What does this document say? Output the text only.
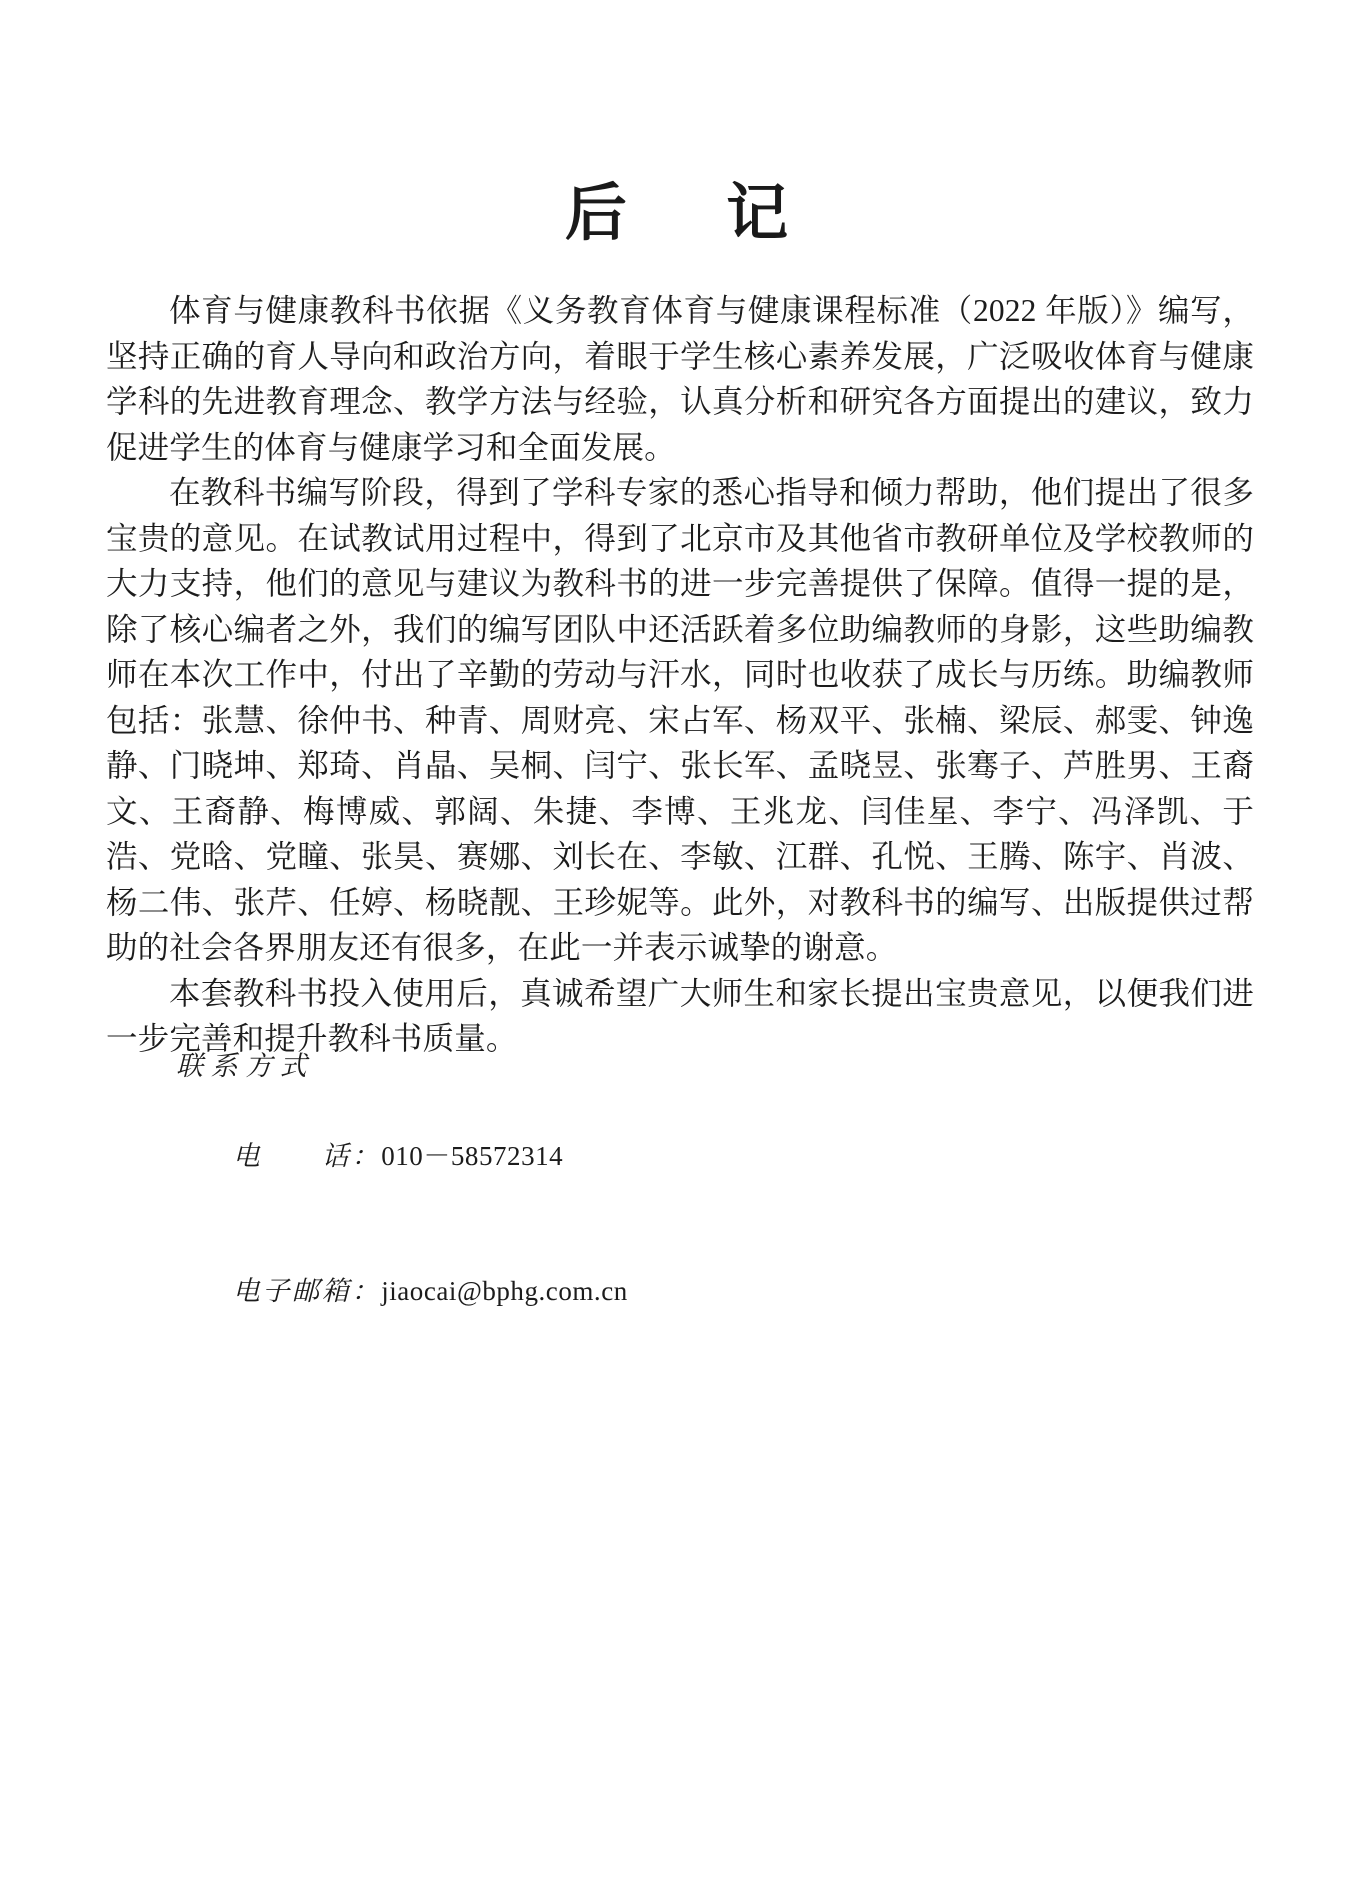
后　记

体育与健康教科书依据《义务教育体育与健康课程标准（2022 年版）》编写，坚持正确的育人导向和政治方向，着眼于学生核心素养发展，广泛吸收体育与健康学科的先进教育理念、教学方法与经验，认真分析和研究各方面提出的建议，致力促进学生的体育与健康学习和全面发展。

在教科书编写阶段，得到了学科专家的悉心指导和倾力帮助，他们提出了很多宝贵的意见。在试教试用过程中，得到了北京市及其他省市教研单位及学校教师的大力支持，他们的意见与建议为教科书的进一步完善提供了保障。值得一提的是，除了核心编者之外，我们的编写团队中还活跃着多位助编教师的身影，这些助编教师在本次工作中，付出了辛勤的劳动与汗水，同时也收获了成长与历练。助编教师包括：张慧、徐仲书、种青、周财亮、宋占军、杨双平、张楠、梁辰、郝雯、钟逸静、门晓坤、郑琦、肖晶、吴桐、闫宁、张长军、孟晓昱、张骞子、芦胜男、王裔文、王裔静、梅博威、郭阔、朱捷、李博、王兆龙、闫佳星、李宁、冯泽凯、于浩、党晗、党瞳、张昊、赛娜、刘长在、李敏、江群、孔悦、王腾、陈宇、肖波、杨二伟、张芹、任婷、杨晓靓、王珍妮等。此外，对教科书的编写、出版提供过帮助的社会各界朋友还有很多，在此一并表示诚挚的谢意。

本套教科书投入使用后，真诚希望广大师生和家长提出宝贵意见，以便我们进一步完善和提升教科书质量。

联系方式

电　　话：010－58572314

电子邮箱：jiaocai@bphg.com.cn
